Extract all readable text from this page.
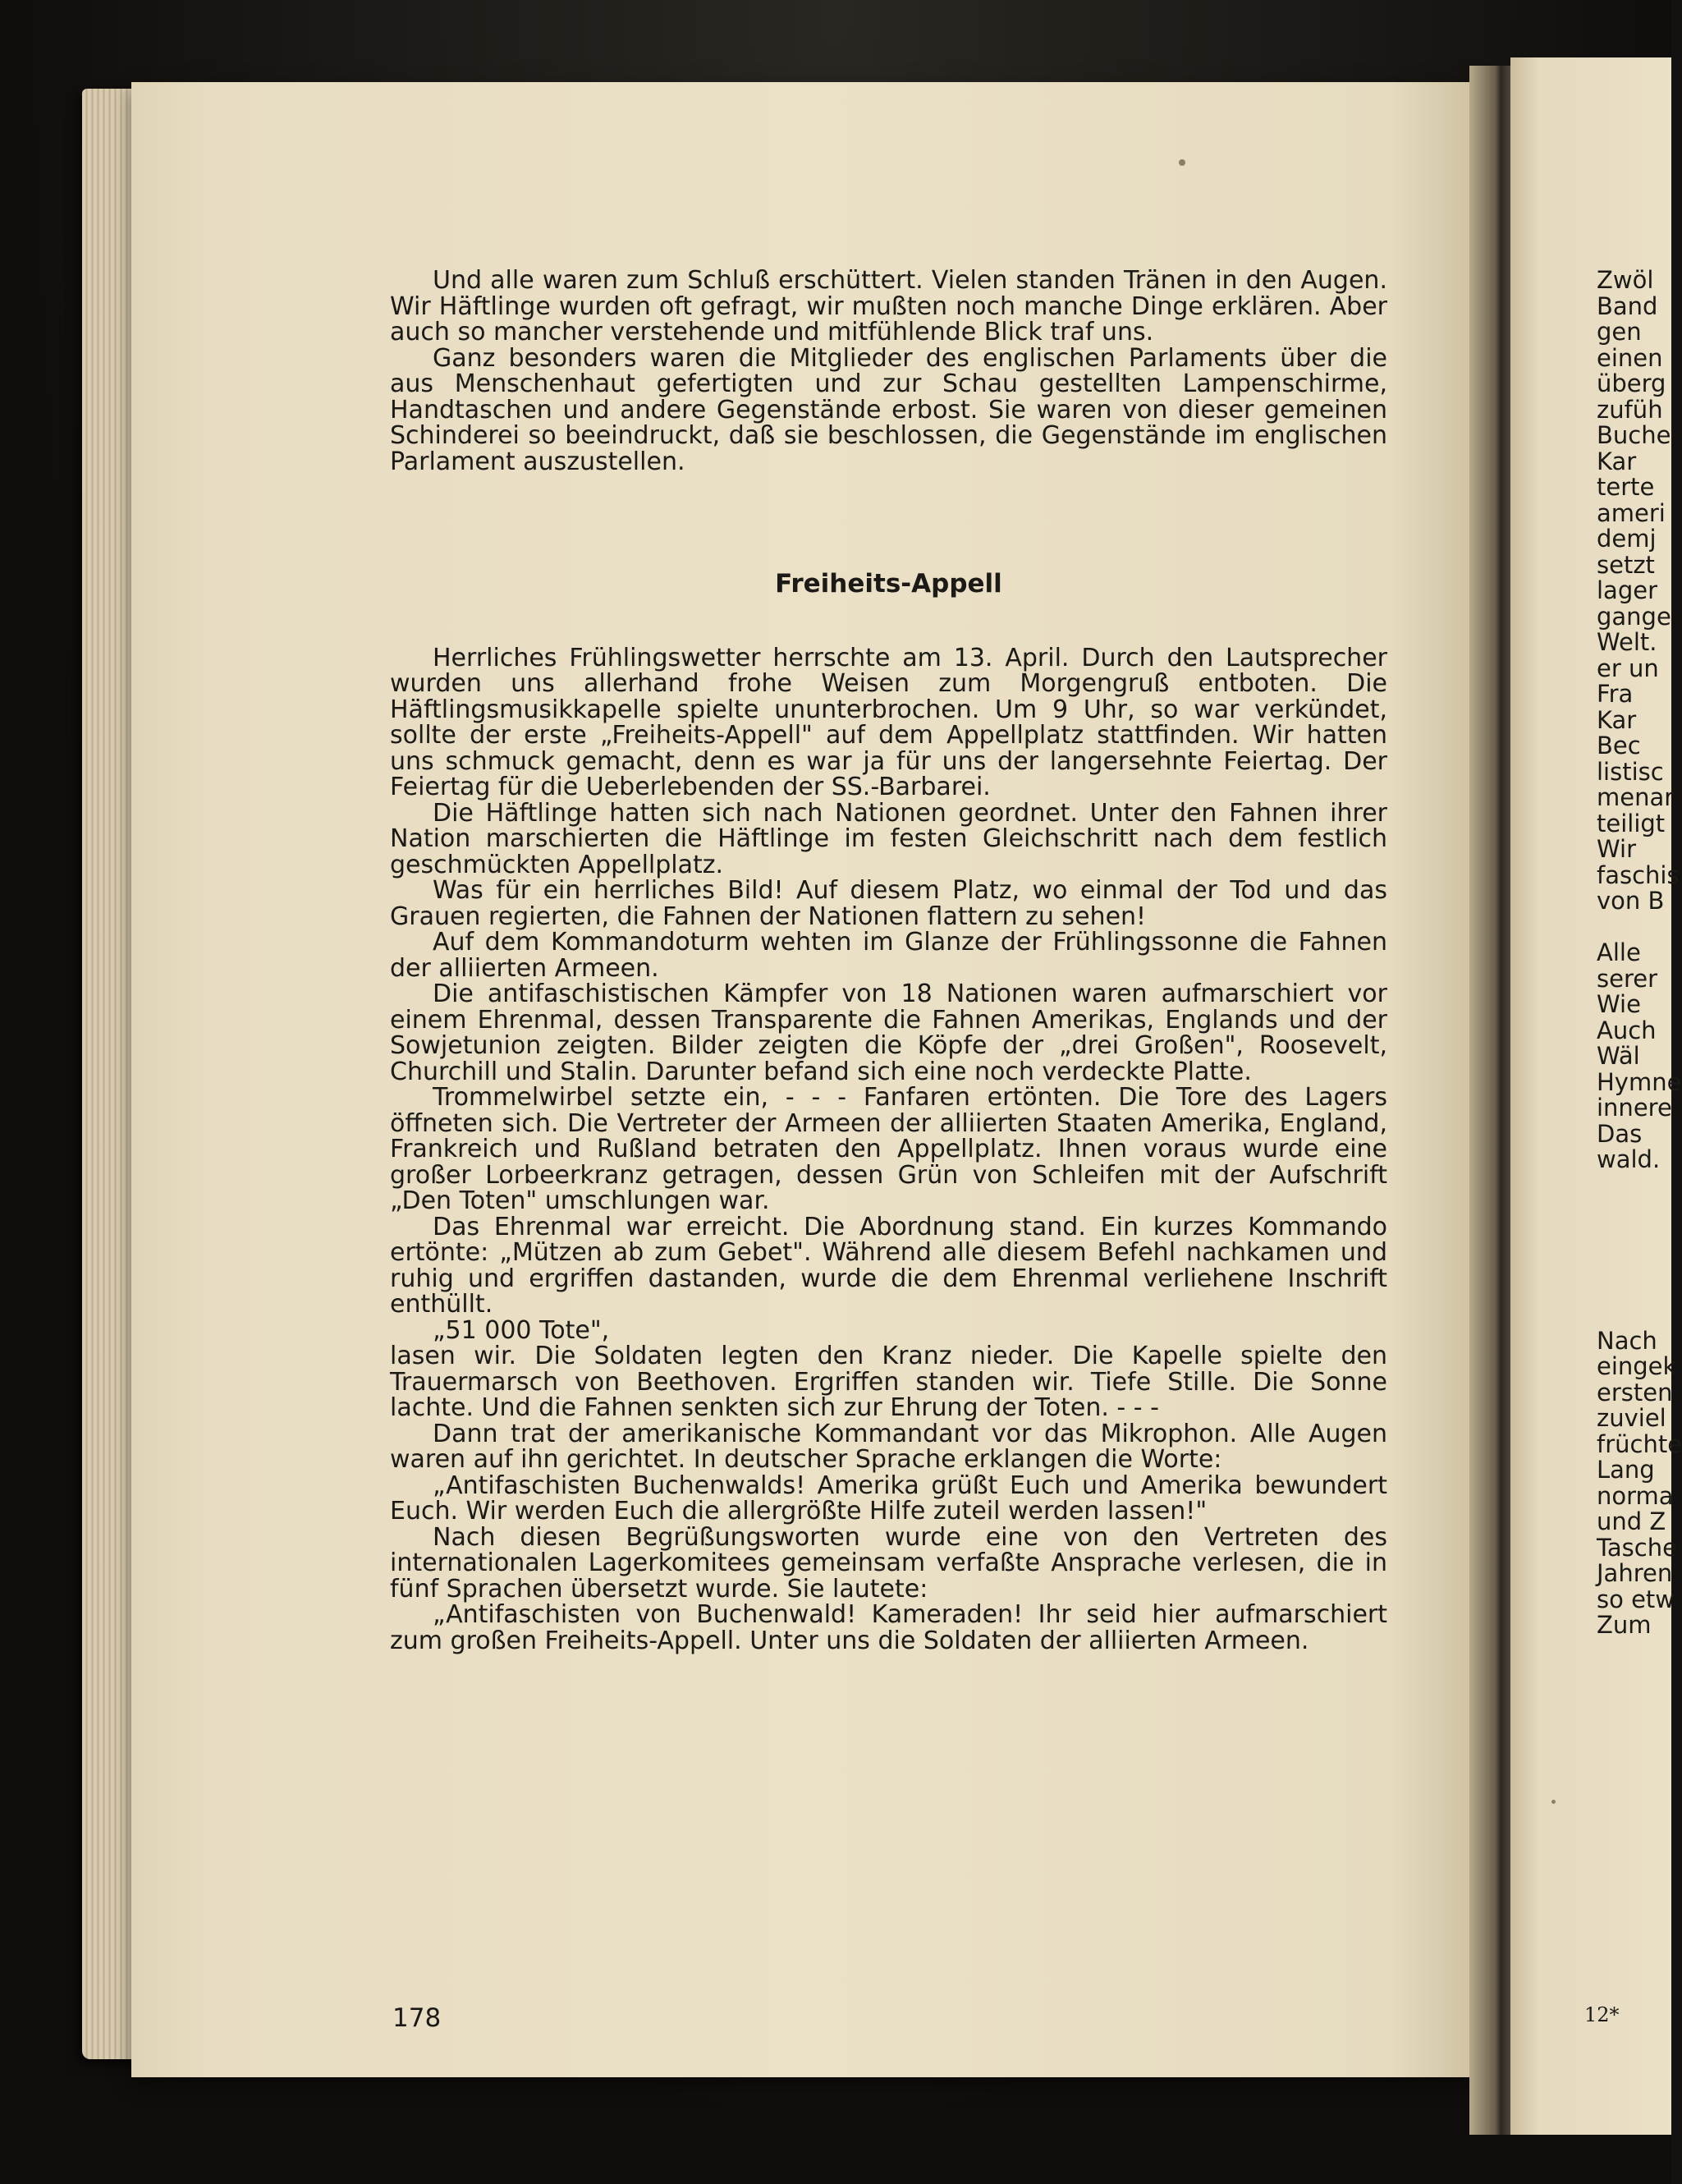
Und alle waren zum Schluß erschüttert. Vielen standen Tränen in den Augen. Wir Häftlinge wurden oft gefragt, wir mußten noch manche Dinge erklären. Aber auch so mancher verstehende und mitfühlende Blick traf uns.

Ganz besonders waren die Mitglieder des englischen Parlaments über die aus Menschenhaut gefertigten und zur Schau gestellten Lampenschirme, Handtaschen und andere Gegenstände erbost. Sie waren von dieser gemeinen Schinderei so beeindruckt, daß sie beschlossen, die Gegenstände im englischen Parlament auszustellen.

Freiheits-Appell

Herrliches Frühlingswetter herrschte am 13. April. Durch den Lautsprecher wurden uns allerhand frohe Weisen zum Morgengruß entboten. Die Häftlingsmusikkapelle spielte ununterbrochen. Um 9 Uhr, so war verkündet, sollte der erste „Freiheits-Appell" auf dem Appellplatz stattfinden. Wir hatten uns schmuck gemacht, denn es war ja für uns der langersehnte Feiertag. Der Feiertag für die Ueberlebenden der SS.-Barbarei.

Die Häftlinge hatten sich nach Nationen geordnet. Unter den Fahnen ihrer Nation marschierten die Häftlinge im festen Gleichschritt nach dem festlich geschmückten Appellplatz.

Was für ein herrliches Bild! Auf diesem Platz, wo einmal der Tod und das Grauen regierten, die Fahnen der Nationen flattern zu sehen!

Auf dem Kommandoturm wehten im Glanze der Frühlingssonne die Fahnen der alliierten Armeen.

Die antifaschistischen Kämpfer von 18 Nationen waren aufmarschiert vor einem Ehrenmal, dessen Transparente die Fahnen Amerikas, Englands und der Sowjetunion zeigten. Bilder zeigten die Köpfe der „drei Großen", Roosevelt, Churchill und Stalin. Darunter befand sich eine noch verdeckte Platte.

Trommelwirbel setzte ein, - - - Fanfaren ertönten. Die Tore des Lagers öffneten sich. Die Vertreter der Armeen der alliierten Staaten Amerika, England, Frankreich und Rußland betraten den Appellplatz. Ihnen voraus wurde eine großer Lorbeerkranz getragen, dessen Grün von Schleifen mit der Aufschrift „Den Toten" umschlungen war.

Das Ehrenmal war erreicht. Die Abordnung stand. Ein kurzes Kommando ertönte: „Mützen ab zum Gebet". Während alle diesem Befehl nachkamen und ruhig und ergriffen dastanden, wurde die dem Ehrenmal verliehene Inschrift enthüllt.

„51 000 Tote",

lasen wir. Die Soldaten legten den Kranz nieder. Die Kapelle spielte den Trauermarsch von Beethoven. Ergriffen standen wir. Tiefe Stille. Die Sonne lachte. Und die Fahnen senkten sich zur Ehrung der Toten. - - -

Dann trat der amerikanische Kommandant vor das Mikrophon. Alle Augen waren auf ihn gerichtet. In deutscher Sprache erklangen die Worte:

„Antifaschisten Buchenwalds! Amerika grüßt Euch und Amerika bewundert Euch. Wir werden Euch die allergrößte Hilfe zuteil werden lassen!"

Nach diesen Begrüßungsworten wurde eine von den Vertreten des internationalen Lagerkomitees gemeinsam verfaßte Ansprache verlesen, die in fünf Sprachen übersetzt wurde. Sie lautete:

„Antifaschisten von Buchenwald! Kameraden! Ihr seid hier aufmarschiert zum großen Freiheits-Appell. Unter uns die Soldaten der alliierten Armeen.

178
Zwöl
Band
gen
einen
überg
zufüh
Buche
Kar
terte
ameri
demj
setzt
lager
gange
Welt.
er un
Fra
Kar
Bec
listisc
menar
teiligt
Wir
faschis
von B

Alle
serer
Wie
Auch
Wäl
Hymne
innere
Das
wald.

Nach
eingek
ersten
zuviel
früchte
Lang
norma
und Z
Tasche
Jahren
so etw
Zum
12*
